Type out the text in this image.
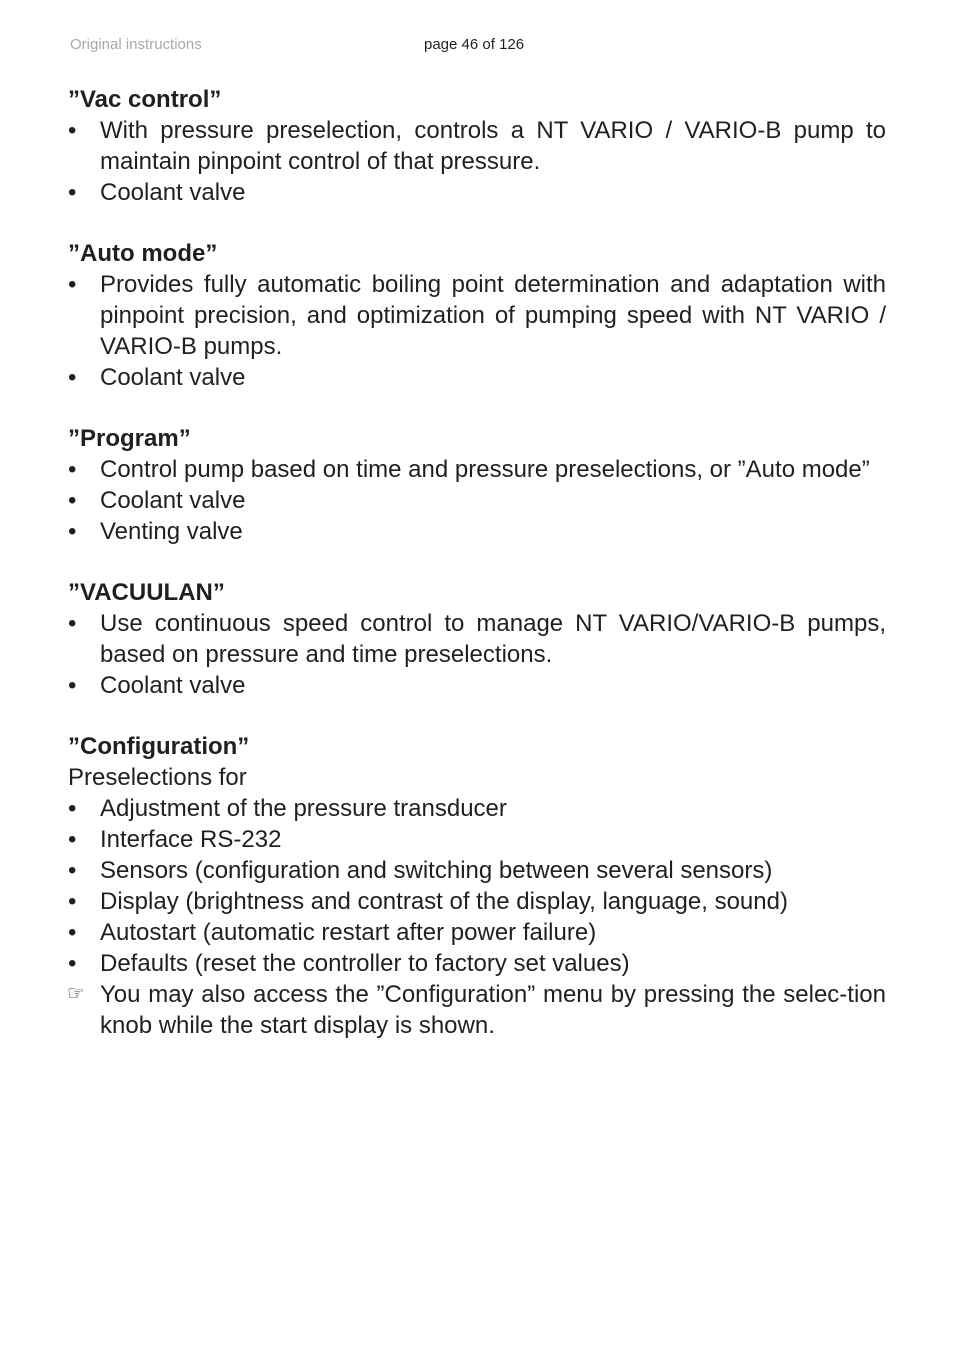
Original instructions	page 46 of 126

”Vac control”

• With pressure preselection, controls a NT VARIO / VARIO-B pump to maintain pinpoint control of that pressure.
• Coolant valve

”Auto mode”

• Provides fully automatic boiling point determination and adaptation with pinpoint precision, and optimization of pumping speed with NT VARIO / VARIO-B pumps.
• Coolant valve

”Program”

• Control pump based on time and pressure preselections, or ”Auto mode”
• Coolant valve
• Venting valve

”VACUULAN”

• Use continuous speed control to manage NT VARIO/VARIO-B pumps, based on pressure and time preselections.
• Coolant valve

”Configuration”

Preselections for

• Adjustment of the pressure transducer
• Interface RS-232
• Sensors (configuration and switching between several sensors)
• Display (brightness and contrast of the display, language, sound)
• Autostart (automatic restart after power failure)
• Defaults (reset the controller to factory set values)
☞ You may also access the ”Configuration” menu by pressing the selec-tion knob while the start display is shown.
